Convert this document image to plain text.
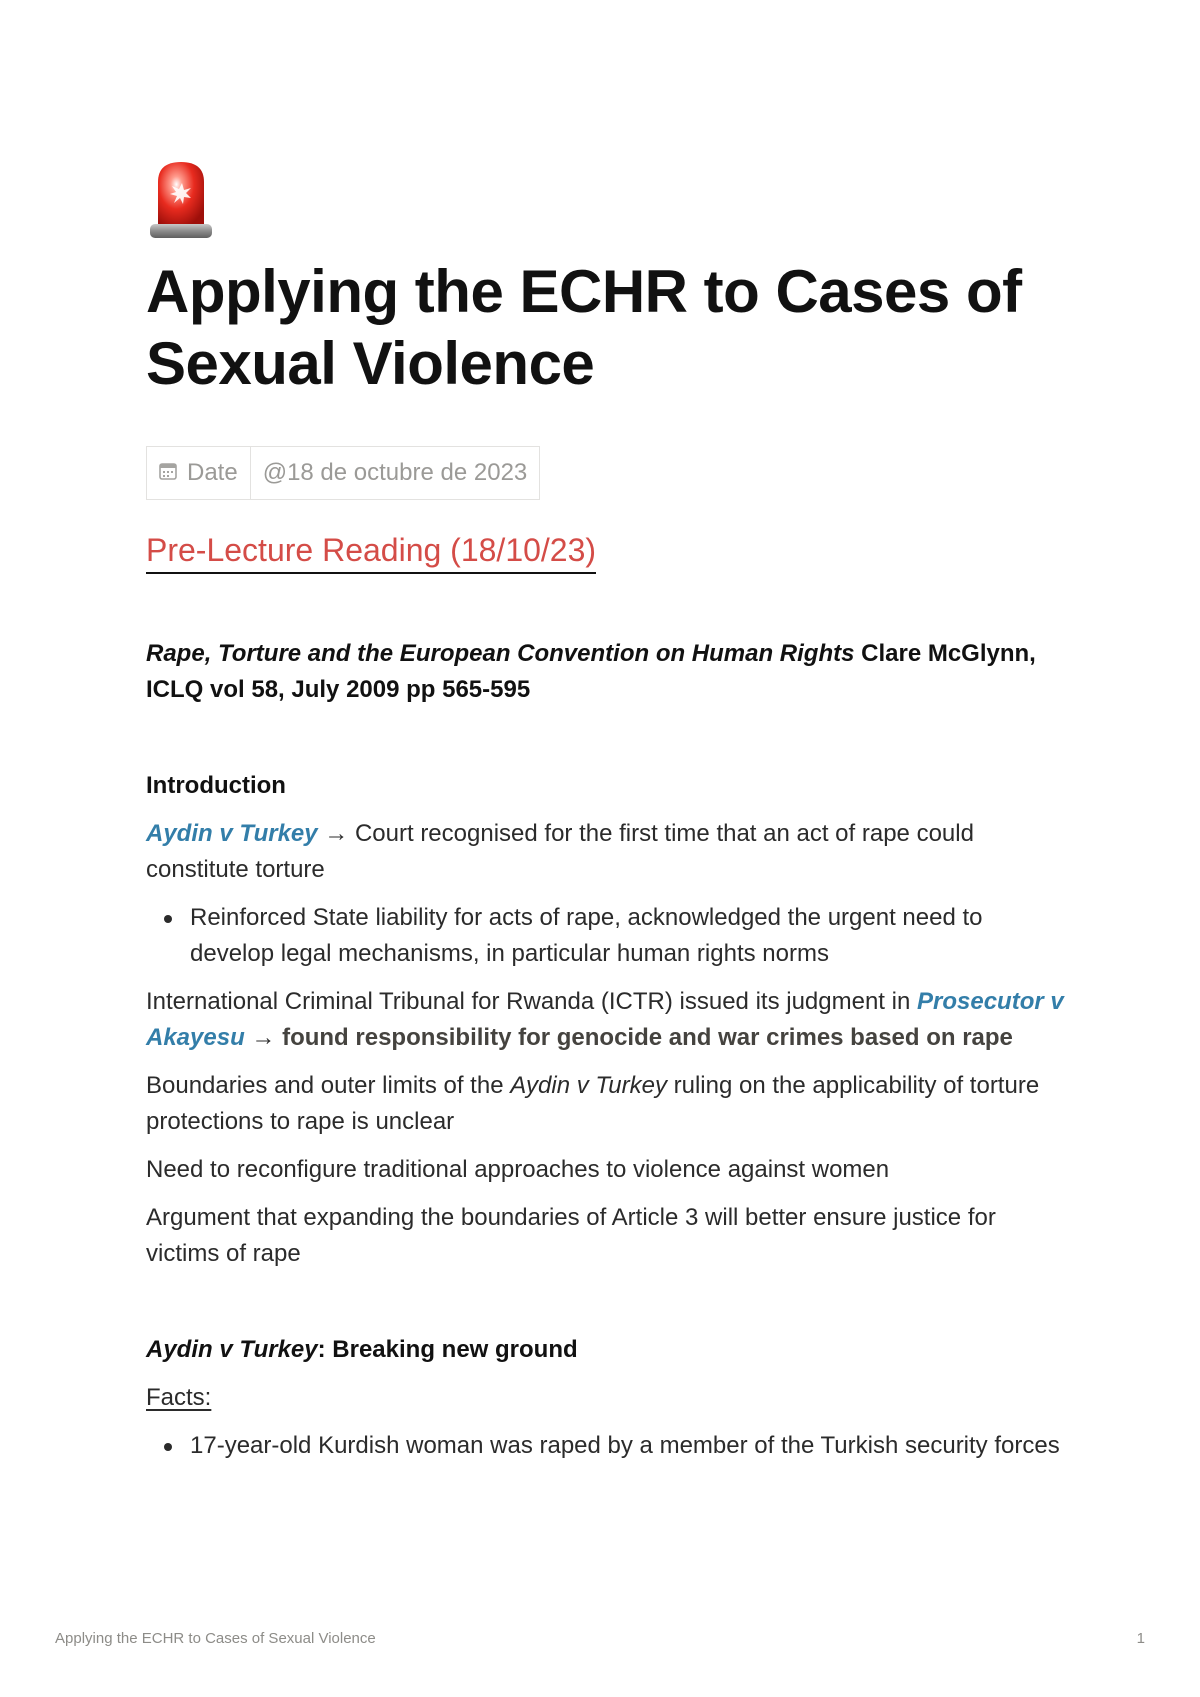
Applying the ECHR to Cases of Sexual Violence
Date	@18 de octubre de 2023
Pre-Lecture Reading (18/10/23)

Rape, Torture and the European Convention on Human Rights Clare McGlynn, ICLQ vol 58, July 2009 pp 565-595

Introduction

Aydin v Turkey → Court recognised for the first time that an act of rape could constitute torture

Reinforced State liability for acts of rape, acknowledged the urgent need to develop legal mechanisms, in particular human rights norms

International Criminal Tribunal for Rwanda (ICTR) issued its judgment in Prosecutor v Akayesu → found responsibility for genocide and war crimes based on rape

Boundaries and outer limits of the Aydin v Turkey ruling on the applicability of torture protections to rape is unclear

Need to reconfigure traditional approaches to violence against women

Argument that expanding the boundaries of Article 3 will better ensure justice for victims of rape

Aydin v Turkey: Breaking new ground

Facts:

17-year-old Kurdish woman was raped by a member of the Turkish security forces
Applying the ECHR to Cases of Sexual Violence	1
